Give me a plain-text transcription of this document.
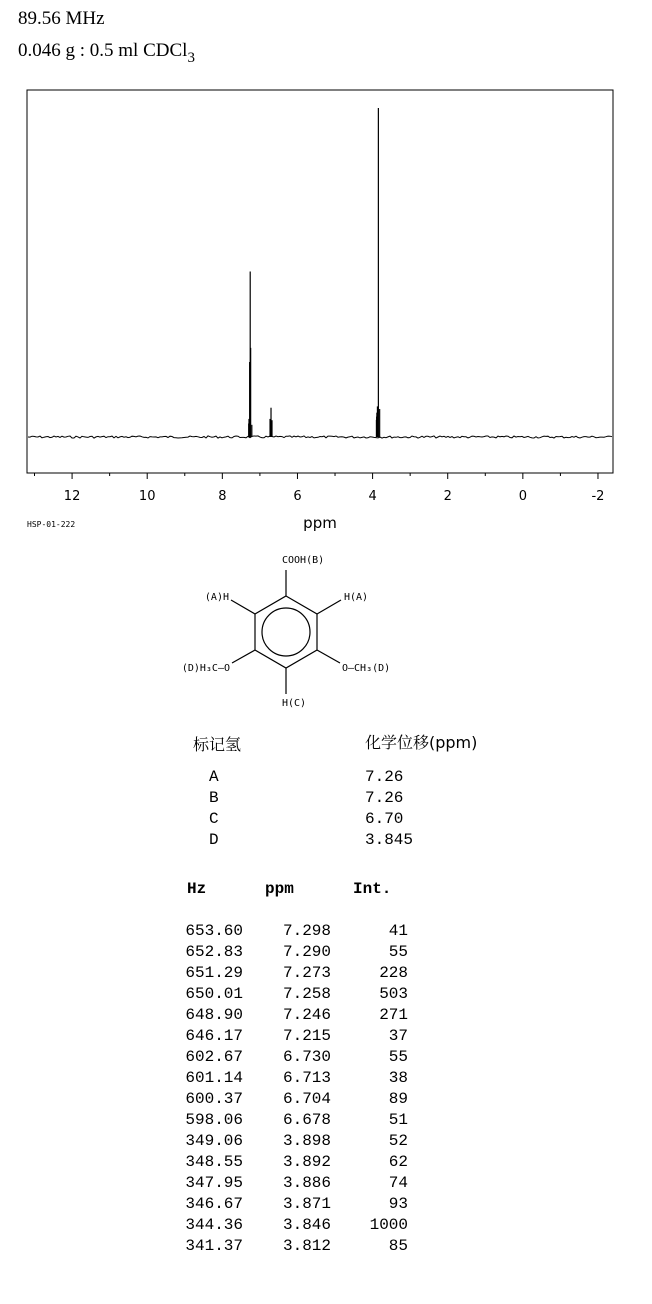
89.56 MHz
0.046 g : 0.5 ml CDCl$_3$
12	10	8	6	4	2	0	-2
ppm
HSP-01-222
COOH(B)
(A)H	H(A)
(D)H₃C–O	O–CH₃(D)
H(C)
标记氢	化学位移(ppm)
A	7.26
B	7.26
C	6.70
D	3.845
Hz	ppm	Int.
653.60 7.298	41
652.83 7.290	55
651.29 7.273	228
650.01 7.258	503
648.90 7.246	271
646.17 7.215	37
602.67 6.730	55
601.14 6.713	38
600.37 6.704	89
598.06 6.678	51
349.06 3.898	52
348.55 3.892	62
347.95 3.886	74
346.67 3.871	93
344.36 3.846 1000
341.37 3.812	85
